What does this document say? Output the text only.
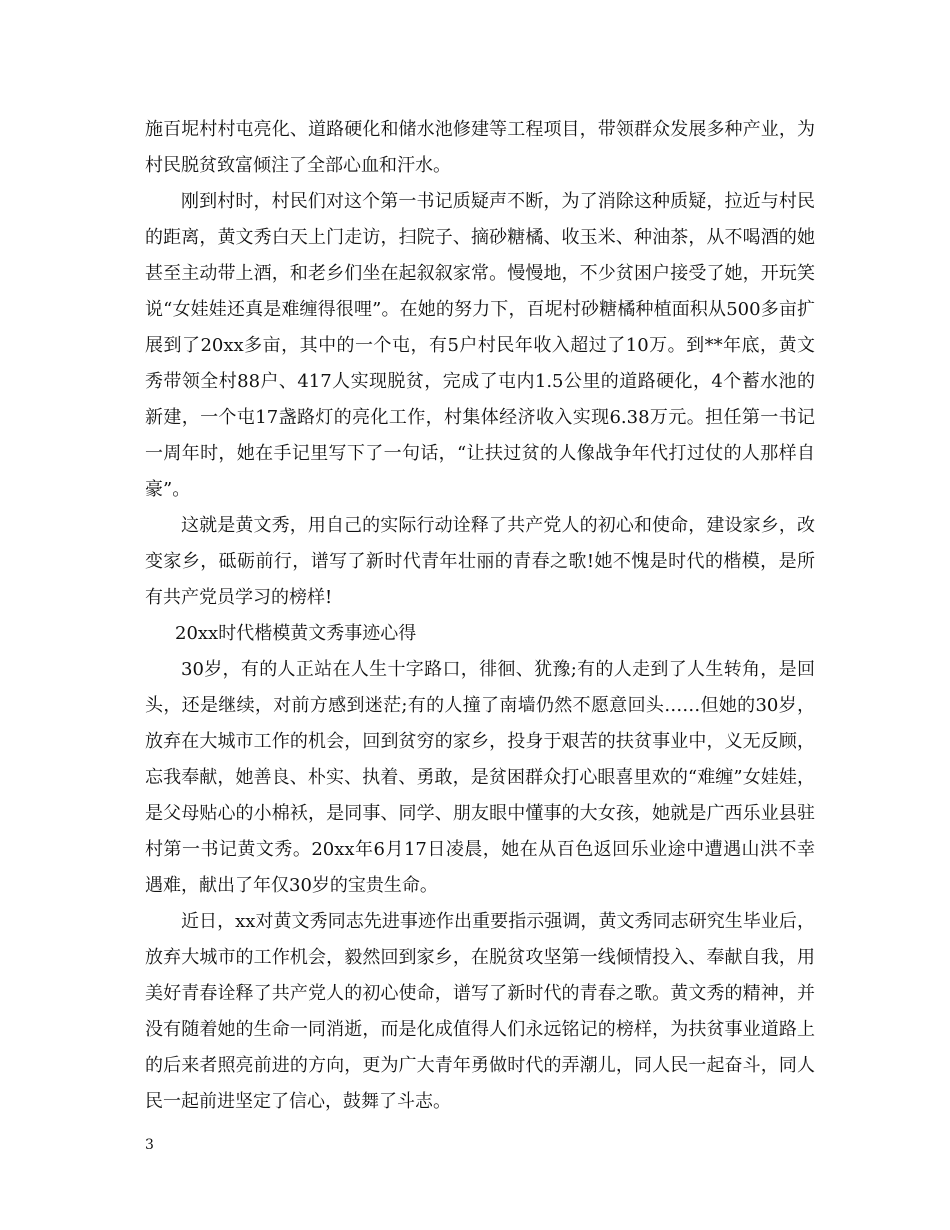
施百坭村村屯亮化、道路硬化和储水池修建等工程项目，带领群众发展多种产业，为村民脱贫致富倾注了全部心血和汗水。

刚到村时，村民们对这个第一书记质疑声不断，为了消除这种质疑，拉近与村民的距离，黄文秀白天上门走访，扫院子、摘砂糖橘、收玉米、种油茶，从不喝酒的她甚至主动带上酒，和老乡们坐在起叙叙家常。慢慢地，不少贫困户接受了她，开玩笑说“女娃娃还真是难缠得很哩”。在她的努力下，百坭村砂糖橘种植面积从500多亩扩展到了20xx多亩，其中的一个屯，有5户村民年收入超过了10万。到**年底，黄文秀带领全村88户、417人实现脱贫，完成了屯内1.5公里的道路硬化，4个蓄水池的新建，一个屯17盏路灯的亮化工作，村集体经济收入实现6.38万元。担任第一书记一周年时，她在手记里写下了一句话，“让扶过贫的人像战争年代打过仗的人那样自豪”。

这就是黄文秀，用自己的实际行动诠释了共产党人的初心和使命，建设家乡，改变家乡，砥砺前行，谱写了新时代青年壮丽的青春之歌!她不愧是时代的楷模，是所有共产党员学习的榜样!

20xx时代楷模黄文秀事迹心得

30岁，有的人正站在人生十字路口，徘徊、犹豫;有的人走到了人生转角，是回头，还是继续，对前方感到迷茫;有的人撞了南墙仍然不愿意回头……但她的30岁，放弃在大城市工作的机会，回到贫穷的家乡，投身于艰苦的扶贫事业中，义无反顾，忘我奉献，她善良、朴实、执着、勇敢，是贫困群众打心眼喜里欢的“难缠”女娃娃，是父母贴心的小棉袄，是同事、同学、朋友眼中懂事的大女孩，她就是广西乐业县驻村第一书记黄文秀。20xx年6月17日凌晨，她在从百色返回乐业途中遭遇山洪不幸遇难，献出了年仅30岁的宝贵生命。

近日，xx对黄文秀同志先进事迹作出重要指示强调，黄文秀同志研究生毕业后，放弃大城市的工作机会，毅然回到家乡，在脱贫攻坚第一线倾情投入、奉献自我，用美好青春诠释了共产党人的初心使命，谱写了新时代的青春之歌。黄文秀的精神，并没有随着她的生命一同消逝，而是化成值得人们永远铭记的榜样，为扶贫事业道路上的后来者照亮前进的方向，更为广大青年勇做时代的弄潮儿，同人民一起奋斗，同人民一起前进坚定了信心，鼓舞了斗志。

3
